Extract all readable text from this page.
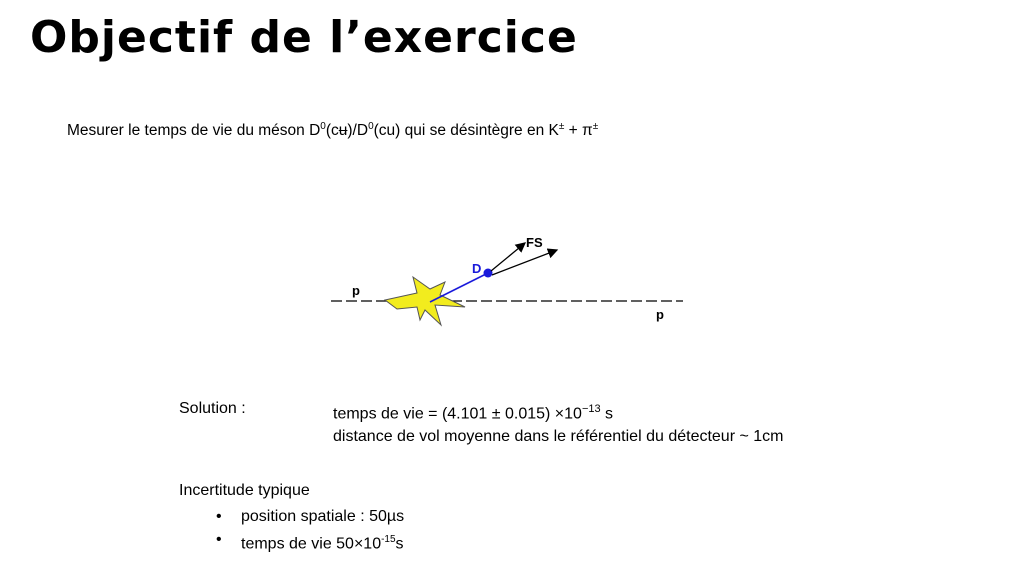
Objectif de l’exercice
Mesurer le temps de vie du méson $D^0(cu)/D^0(cu)$ qui se désintègre en K± + π±
p
p
D
FS
Solution :	temps de vie = $(4.101 \pm 0.015) \times 10^{-13}$ s
distance de vol moyenne dans le référentiel du détecteur ~ 1cm
Incertitude typique
• position spatiale : 50µs
• temps de vie $50\times 10^{-15}s$
